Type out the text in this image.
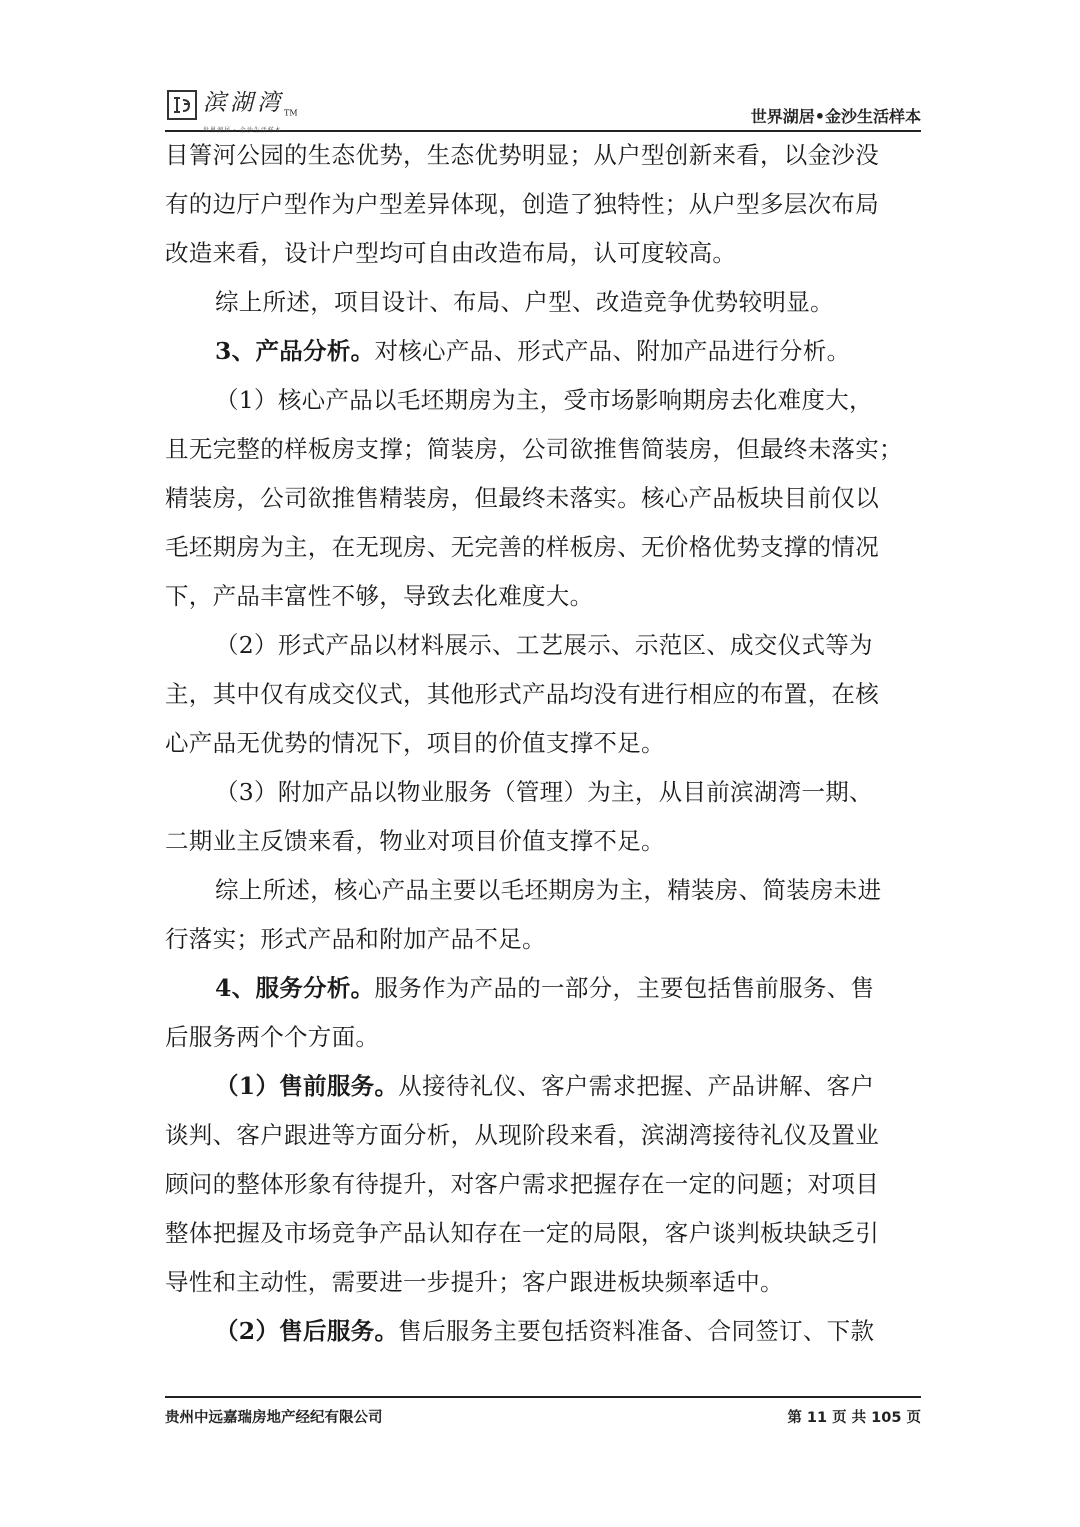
滨湖湾$_{TM}$
世界湖居 · 金沙生活样本
世界湖居•金沙生活样本

目箐河公园的生态优势，生态优势明显；从户型创新来看，以金沙没

有的边厅户型作为户型差异体现，创造了独特性；从户型多层次布局

改造来看，设计户型均可自由改造布局，认可度较高。

综上所述，项目设计、布局、户型、改造竞争优势较明显。

3、产品分析。对核心产品、形式产品、附加产品进行分析。

（1）核心产品以毛坯期房为主，受市场影响期房去化难度大，

且无完整的样板房支撑；简装房，公司欲推售简装房，但最终未落实；

精装房，公司欲推售精装房，但最终未落实。核心产品板块目前仅以

毛坯期房为主，在无现房、无完善的样板房、无价格优势支撑的情况

下，产品丰富性不够，导致去化难度大。

（2）形式产品以材料展示、工艺展示、示范区、成交仪式等为

主，其中仅有成交仪式，其他形式产品均没有进行相应的布置，在核

心产品无优势的情况下，项目的价值支撑不足。

（3）附加产品以物业服务（管理）为主，从目前滨湖湾一期、

二期业主反馈来看，物业对项目价值支撑不足。

综上所述，核心产品主要以毛坯期房为主，精装房、简装房未进

行落实；形式产品和附加产品不足。

4、服务分析。服务作为产品的一部分，主要包括售前服务、售

后服务两个个方面。

（1）售前服务。从接待礼仪、客户需求把握、产品讲解、客户

谈判、客户跟进等方面分析，从现阶段来看，滨湖湾接待礼仪及置业

顾问的整体形象有待提升，对客户需求把握存在一定的问题；对项目

整体把握及市场竞争产品认知存在一定的局限，客户谈判板块缺乏引

导性和主动性，需要进一步提升；客户跟进板块频率适中。

（2）售后服务。售后服务主要包括资料准备、合同签订、下款

贵州中远嘉瑞房地产经纪有限公司	第 11 页 共 105 页
